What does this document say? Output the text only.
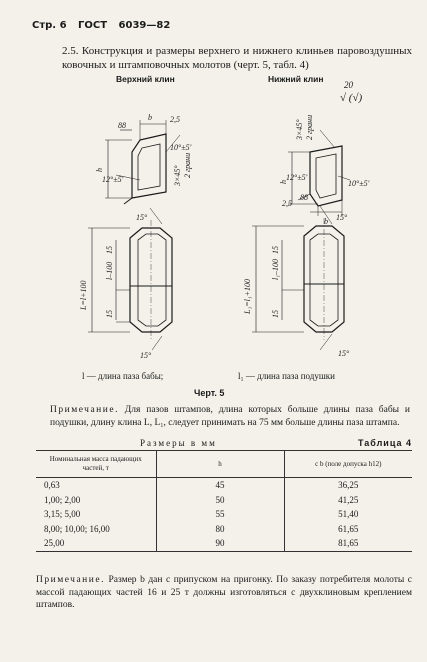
Стр. 6 ГОСТ 6039—82
2.5. Конструкция и размеры верхнего и нижнего клиньев паровоздушных ковочных и штамповочных молотов (черт. 5, табл. 4)
Верхний клин	Нижний клин
20
√ (√)
b 2,5
88
h
10°±5'
12°±5'	3×45° 2 грани
15°
15°
L=l+100
l–100
15
15
b
2,5
88
h	10°±5'
12°±5'
3×45° 2 грани
15°
15°
L₁=l₁+100
l₁–100
15
15
l — длина паза бабы;	l₁ — длина паза подушки
Черт. 5
Примечание. Для пазов штампов, длина которых больше длины паза бабы и подушки, длину клина L, L₁, следует принимать на 75 мм больше длины паза штампа.
Размеры в мм	Таблица 4
Номинальная масса падающих частей, т	h	с b (поле допуска h12)
0,63	45	36,25
1,00; 2,00	50	41,25
3,15; 5,00	55	51,40
8,00; 10,00; 16,00	80	61,65
25,00	90	81,65
Примечание. Размер b дан с припуском на пригонку. По заказу потребителя молоты с массой падающих частей 16 и 25 т должны изготовляться с двухклиновым креплением штампов.
